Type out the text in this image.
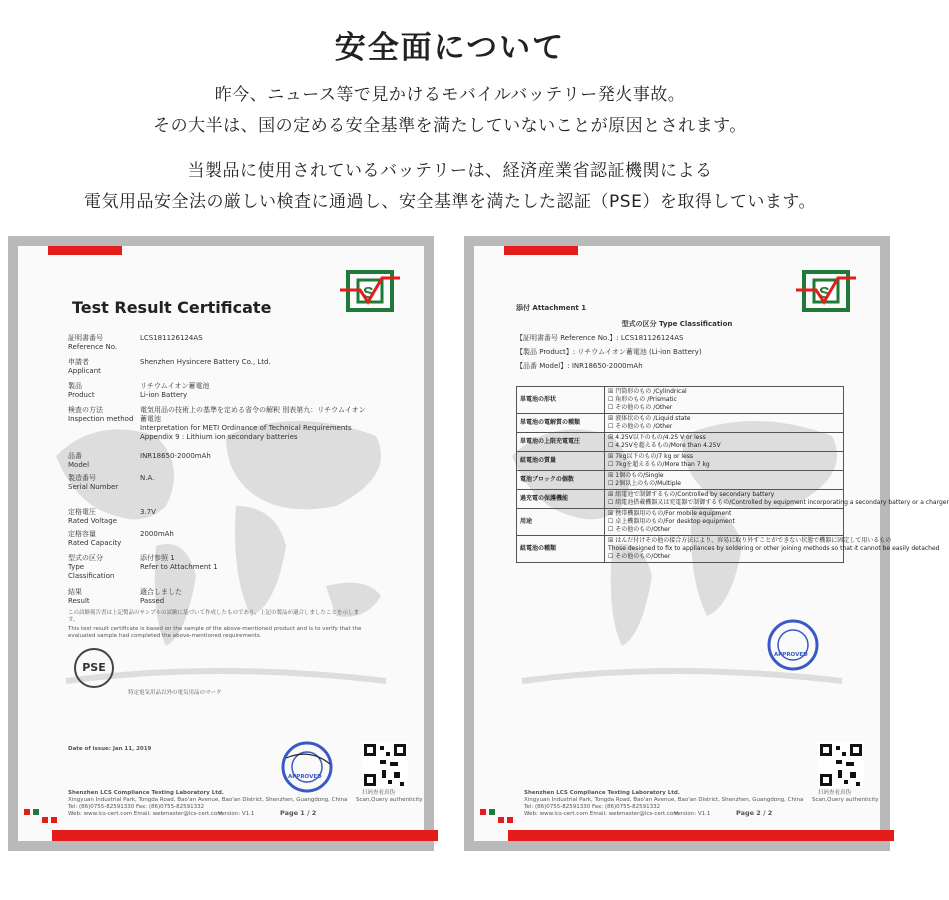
安全面について

昨今、ニュース等で見かけるモバイルバッテリー発火事故。

その大半は、国の定める安全基準を満たしていないことが原因とされます。

当製品に使用されているバッテリーは、経済産業省認証機関による

電気用品安全法の厳しい検査に通過し、安全基準を満たした認証（PSE）を取得しています。

S
Test Result Certificate
証明書番号
Reference No.
LCS181126124AS
申請者
Applicant
Shenzhen Hysincere Battery Co., Ltd.
製品
Product
リチウムイオン蓄電池
Li-ion Battery
検査の方法
Inspection method
電気用品の技術上の基準を定める省令の解釈 別表第九：リチウムイオン蓄電池
Interpretation for METI Ordinance of Technical Requirements Appendix 9 : Lithium ion secondary batteries
品番
Model
INR18650-2000mAh
製造番号
Serial Number
N.A.
定格電圧
Rated Voltage
3.7V
定格容量
Rated Capacity
2000mAh
型式の区分
Type Classification
添付参照 1
Refer to Attachment 1
結果
Result
適合しました
Passed
この試験報告書は上記製品のサンプルの試験に基づいて作成したものであり、上記の製品が適合しましたことを示します。
This test result certificate is based on the sample of the above-mentioned product and is to verify that the evaluated sample had completed the above-mentioned requirements.
PSE
特定電気用品以外の電気用品のマーク
Date of issue: Jan 11, 2019
APPROVED
扫码查看真伪
Scan,Query authenticity
Shenzhen LCS Compliance Testing Laboratory Ltd.
Xingyuan Industrial Park, Tongda Road, Bao'an Avenue, Bao'an District, Shenzhen, Guangdong, China
Tel: (86)0755-82591330 Fax: (86)0755-82591332
Web: www.lcs-cert.com Email: webmaster@lcs-cert.com
Version: V1.1	Page 1 / 2
S
添付 Attachment 1
型式の区分 Type Classification
【証明書番号 Reference No.】: LCS181126124AS
【製品 Product】: リチウムイオン蓄電池 (Li-ion Battery)
【品番 Model】: INR18650-2000mAh
単電池の形状	☒ 円筒形のもの /Cylindrical
☐ 角形のもの /Prismatic
☐ その他のもの /Other

単電池の電解質の種類	☒ 液体状のもの /Liquid state
☐ その他のもの /Other

単電池の上限充電電圧	☒ 4.25V以下のもの/4.25 V or less
☐ 4.25Vを超えるもの/More than 4.25V

組電池の質量	☒ 7kg以下のもの/7 kg or less
☐ 7kgを超えるもの/More than 7 kg

電池ブロックの個数	☒ 1個のもの/Single
☐ 2個以上のもの/Multiple

過充電の保護機能	☒ 組電池で制御するもの/Controlled by secondary battery
☐ 組電池搭載機器又は充電器で制御するもの/Controlled by equipment incorporating a secondary battery or a charger

用途	☒ 携帯機器用のもの/For mobile equipment
☐ 卓上機器用のもの/For desktop equipment
☐ その他のもの/Other

組電池の種類	☒ はんだ付けその他の接合方法により、容易に取り外すことができない状態で機器に固定して用いるもの
Those designed to fix to appliances by soldering or other joining methods so that it cannot be easily detached
☐ その他のもの/Other
APPROVED
扫码查看真伪
Scan,Query authenticity
Shenzhen LCS Compliance Testing Laboratory Ltd.
Xingyuan Industrial Park, Tongda Road, Bao'an Avenue, Bao'an District, Shenzhen, Guangdong, China
Tel: (86)0755-82591330 Fax: (86)0755-82591332
Web: www.lcs-cert.com Email: webmaster@lcs-cert.com
Version: V1.1	Page 2 / 2
